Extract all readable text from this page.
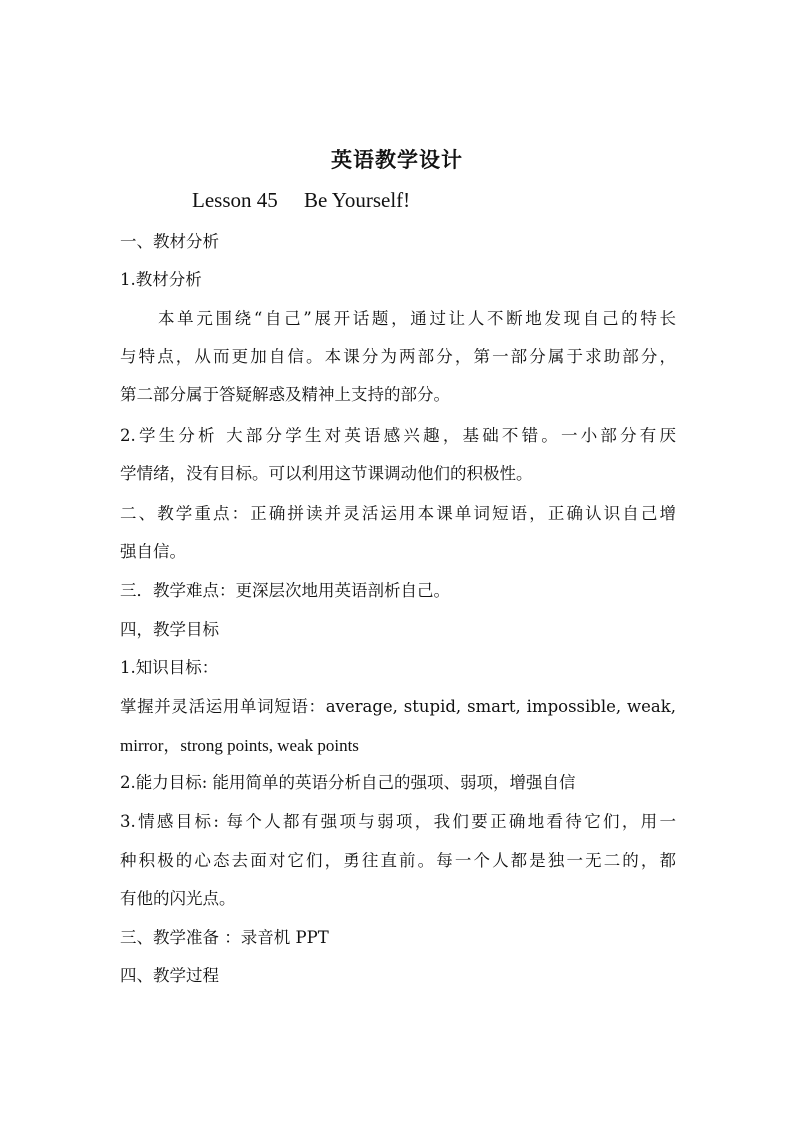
英语教学设计
Lesson 45     Be Yourself!
一、教材分析
1.教材分析
本单元围绕“自己”展开话题，通过让人不断地发现自己的特长
与特点，从而更加自信。本课分为两部分，第一部分属于求助部分，
第二部分属于答疑解惑及精神上支持的部分。
2.学生分析 大部分学生对英语感兴趣，基础不错。一小部分有厌
学情绪，没有目标。可以利用这节课调动他们的积极性。
二、教学重点：正确拼读并灵活运用本课单词短语，正确认识自己增
强自信。
三．教学难点：更深层次地用英语剖析自己。
四，教学目标
1.知识目标：
掌握并灵活运用单词短语：average, stupid, smart, impossible, weak,
mirror，strong points, weak points
2.能力目标: 能用简单的英语分析自己的强项、弱项，增强自信
3.情感目标: 每个人都有强项与弱项，我们要正确地看待它们，用一
种积极的心态去面对它们，勇往直前。每一个人都是独一无二的，都
有他的闪光点。
三、教学准备 ：录音机 PPT
四、教学过程
